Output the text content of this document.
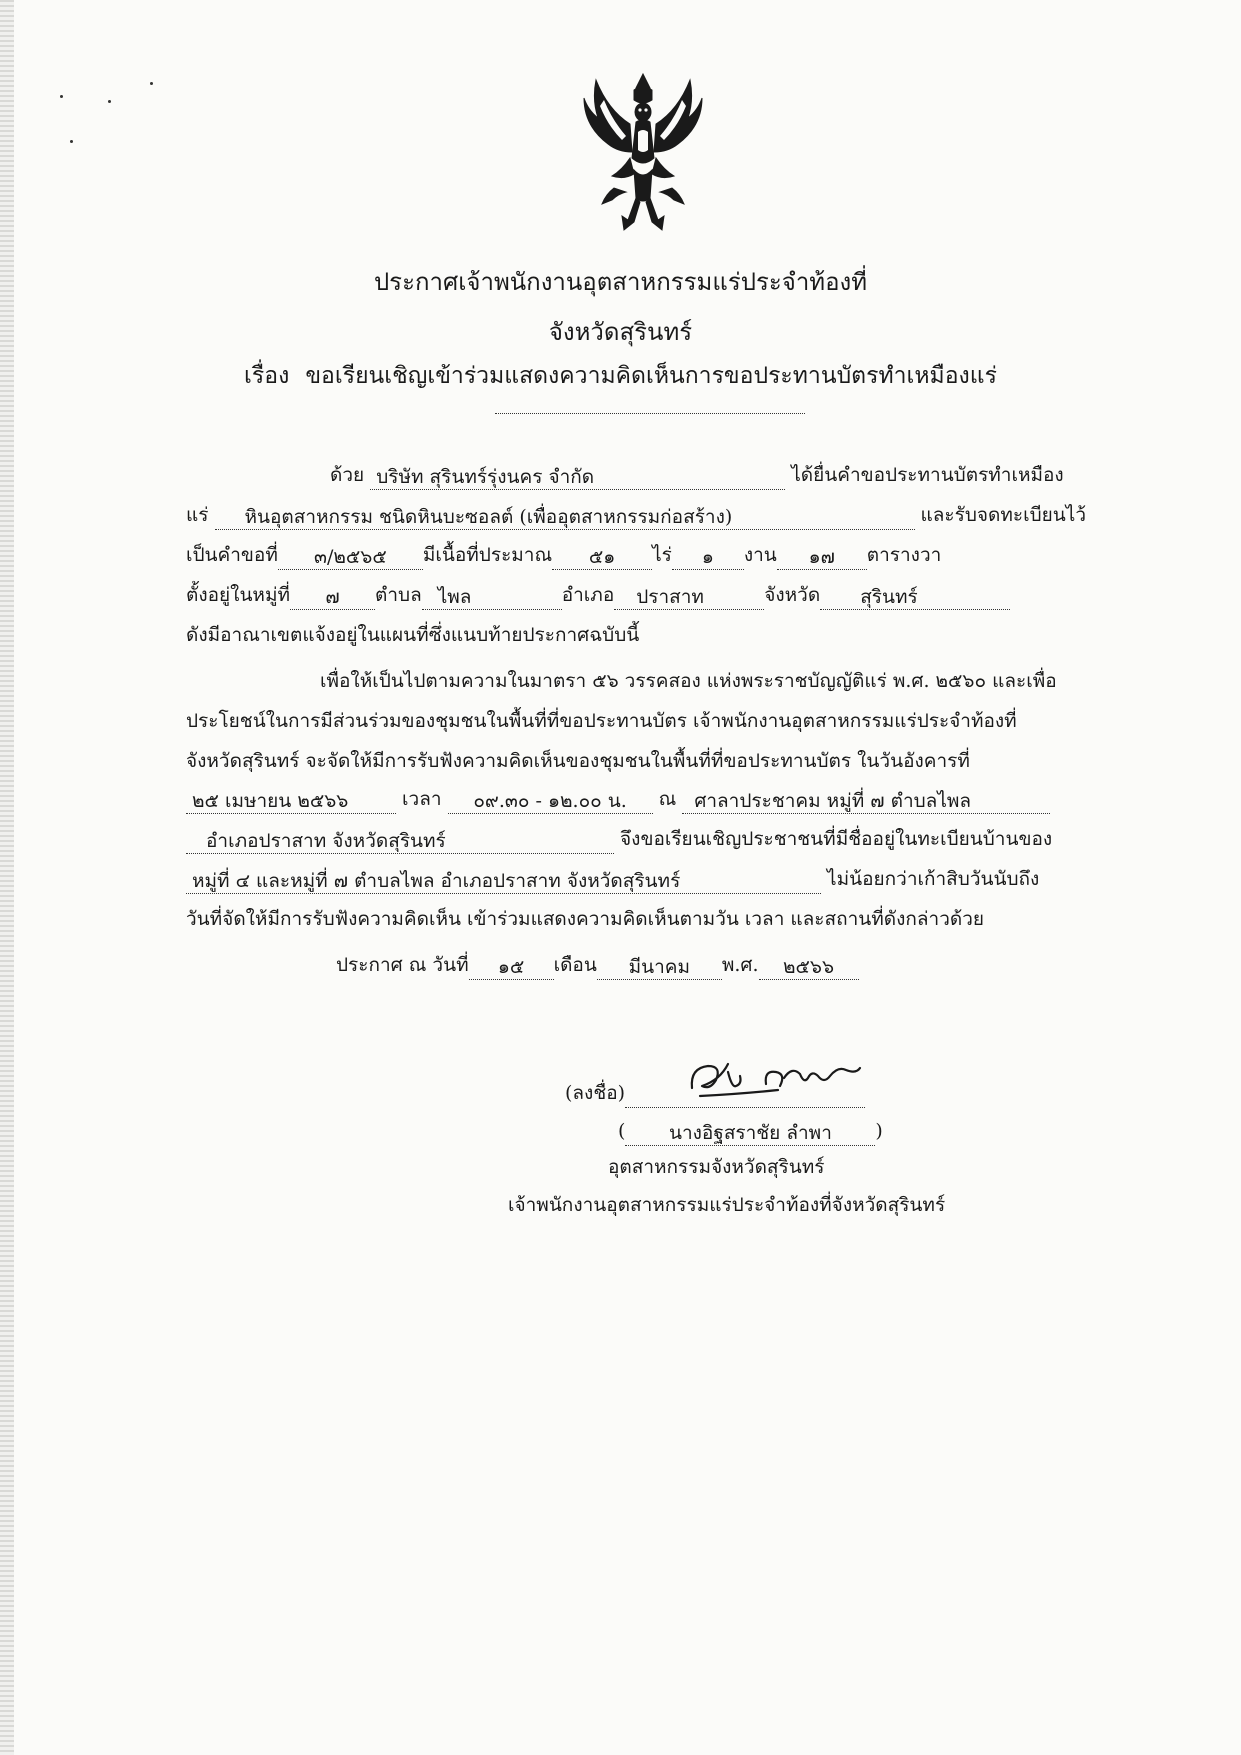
ประกาศเจ้าพนักงานอุตสาหกรรมแร่ประจำท้องที่
จังหวัดสุรินทร์
เรื่อง ขอเรียนเชิญเข้าร่วมแสดงความคิดเห็นการขอประทานบัตรทำเหมืองแร่
ด้วย บริษัท สุรินทร์รุ่งนคร จำกัด	ได้ยื่นคำขอประทานบัตรทำเหมือง
แร่ หินอุตสาหกรรม ชนิดหินบะซอลต์ (เพื่ออุตสาหกรรมก่อสร้าง)	และรับจดทะเบียนไว้
เป็นคำขอที่ ๓/๒๕๖๕ มีเนื้อที่ประมาณ ๕๑ ไร่ ๑ งาน ๑๗ ตารางวา
ตั้งอยู่ในหมู่ที่ ๗ ตำบล ไพล	อำเภอ ปราสาท	จังหวัด สุรินทร์
ดังมีอาณาเขตแจ้งอยู่ในแผนที่ซึ่งแนบท้ายประกาศฉบับนี้
เพื่อให้เป็นไปตามความในมาตรา ๕๖ วรรคสอง แห่งพระราชบัญญัติแร่ พ.ศ. ๒๕๖๐ และเพื่อ
ประโยชน์ในการมีส่วนร่วมของชุมชนในพื้นที่ที่ขอประทานบัตร เจ้าพนักงานอุตสาหกรรมแร่ประจำท้องที่
จังหวัดสุรินทร์ จะจัดให้มีการรับฟังความคิดเห็นของชุมชนในพื้นที่ที่ขอประทานบัตร ในวันอังคารที่
๒๕ เมษายน ๒๕๖๖	เวลา ๐๙.๓๐ - ๑๒.๐๐ น. ณ ศาลาประชาคม หมู่ที่ ๗ ตำบลไพล
อำเภอปราสาท จังหวัดสุรินทร์	จึงขอเรียนเชิญประชาชนที่มีชื่ออยู่ในทะเบียนบ้านของ
หมู่ที่ ๔ และหมู่ที่ ๗ ตำบลไพล อำเภอปราสาท จังหวัดสุรินทร์	ไม่น้อยกว่าเก้าสิบวันนับถึง
วันที่จัดให้มีการรับฟังความคิดเห็น เข้าร่วมแสดงความคิดเห็นตามวัน เวลา และสถานที่ดังกล่าวด้วย
ประกาศ ณ วันที่ ๑๕ เดือน มีนาคม พ.ศ. ๒๕๖๖
(ลงชื่อ)
( นางอิฐสราชัย ลำพา )
อุตสาหกรรมจังหวัดสุรินทร์
เจ้าพนักงานอุตสาหกรรมแร่ประจำท้องที่จังหวัดสุรินทร์
